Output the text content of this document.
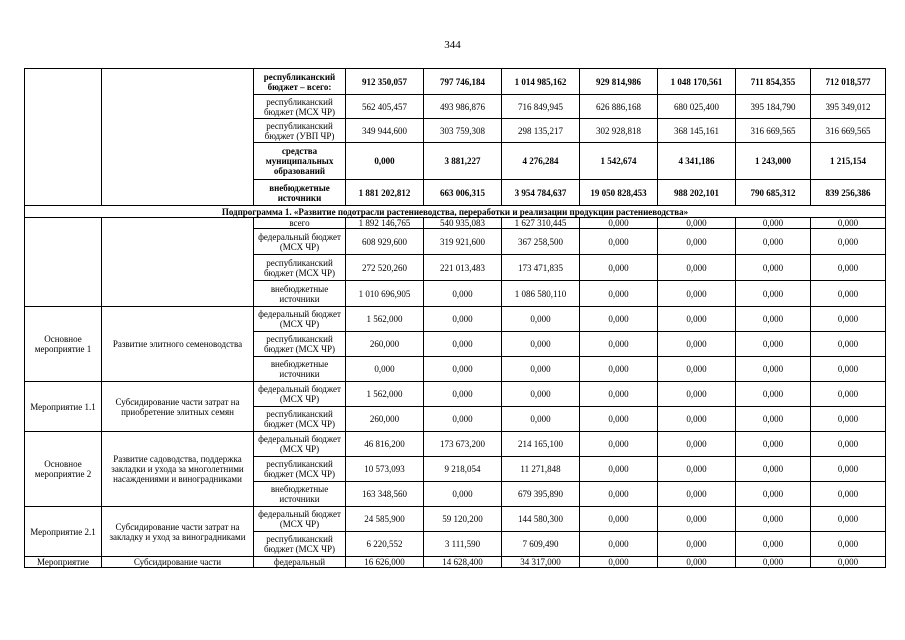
344
		республиканский бюджет – всего:	912 350,057	797 746,184	1 014 985,162	929 814,986	1 048 170,561	711 854,355	712 018,577
		республиканский бюджет (МСХ ЧР)	562 405,457	493 986,876	716 849,945	626 886,168	680 025,400	395 184,790	395 349,012
		республиканский бюджет (УВП ЧР)	349 944,600	303 759,308	298 135,217	302 928,818	368 145,161	316 669,565	316 669,565
		средства муниципальных образований	0,000	3 881,227	4 276,284	1 542,674	4 341,186	1 243,000	1 215,154
		внебюджетные источники	1 881 202,812	663 006,315	3 954 784,637	19 050 828,453	988 202,101	790 685,312	839 256,386
Подпрограмма 1. «Развитие подотрасли растениеводства, переработки и реализации продукции растениеводства»									
		всего	1 892 146,765	540 935,083	1 627 310,445	0,000	0,000	0,000	0,000
		федеральный бюджет (МСХ ЧР)	608 929,600	319 921,600	367 258,500	0,000	0,000	0,000	0,000
		республиканский бюджет (МСХ ЧР)	272 520,260	221 013,483	173 471,835	0,000	0,000	0,000	0,000
		внебюджетные источники	1 010 696,905	0,000	1 086 580,110	0,000	0,000	0,000	0,000
Основное мероприятие 1	Развитие элитного семеноводства	федеральный бюджет (МСХ ЧР)	1 562,000	0,000	0,000	0,000	0,000	0,000	0,000
		республиканский бюджет (МСХ ЧР)	260,000	0,000	0,000	0,000	0,000	0,000	0,000
		внебюджетные источники	0,000	0,000	0,000	0,000	0,000	0,000	0,000
Мероприятие 1.1	Субсидирование части затрат на приобретение элитных семян	федеральный бюджет (МСХ ЧР)	1 562,000	0,000	0,000	0,000	0,000	0,000	0,000
		республиканский бюджет (МСХ ЧР)	260,000	0,000	0,000	0,000	0,000	0,000	0,000
Основное мероприятие 2	Развитие садоводства, поддержка закладки и ухода за многолетними насаждениями и виноградниками	федеральный бюджет (МСХ ЧР)	46 816,200	173 673,200	214 165,100	0,000	0,000	0,000	0,000
		республиканский бюджет (МСХ ЧР)	10 573,093	9 218,054	11 271,848	0,000	0,000	0,000	0,000
		внебюджетные источники	163 348,560	0,000	679 395,890	0,000	0,000	0,000	0,000
Мероприятие 2.1	Субсидирование части затрат на закладку и уход за виноградниками	федеральный бюджет (МСХ ЧР)	24 585,900	59 120,200	144 580,300	0,000	0,000	0,000	0,000
		республиканский бюджет (МСХ ЧР)	6 220,552	3 111,590	7 609,490	0,000	0,000	0,000	0,000
Мероприятие	Субсидирование части	федеральный	16 626,000	14 628,400	34 317,000	0,000	0,000	0,000	0,000
